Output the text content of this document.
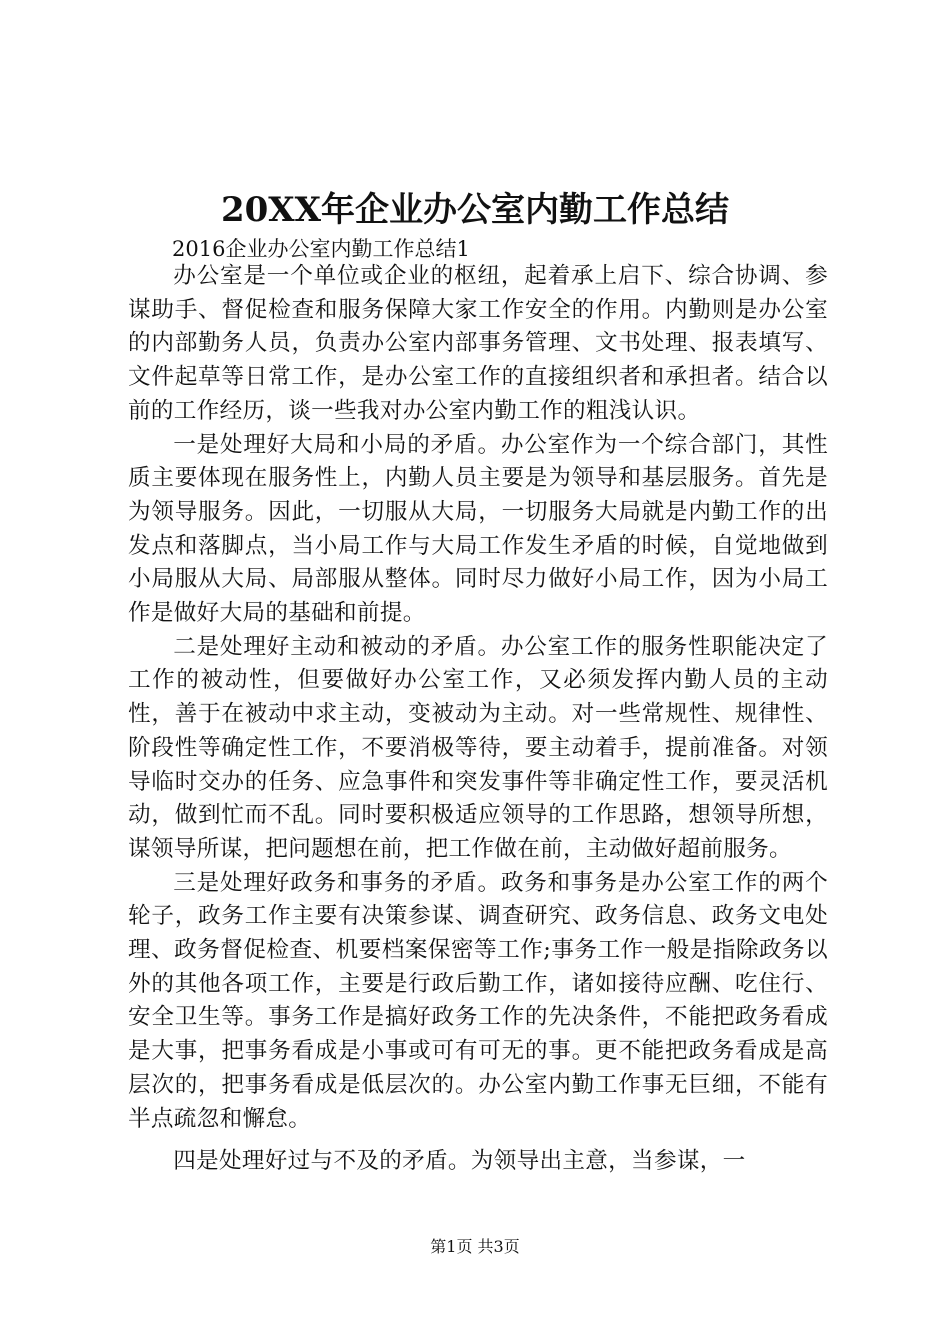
20XX年企业办公室内勤工作总结

2016企业办公室内勤工作总结1

办公室是一个单位或企业的枢纽，起着承上启下、综合协调、参谋助手、督促检查和服务保障大家工作安全的作用。内勤则是办公室的内部勤务人员，负责办公室内部事务管理、文书处理、报表填写、文件起草等日常工作，是办公室工作的直接组织者和承担者。结合以前的工作经历，谈一些我对办公室内勤工作的粗浅认识。

一是处理好大局和小局的矛盾。办公室作为一个综合部门，其性质主要体现在服务性上，内勤人员主要是为领导和基层服务。首先是为领导服务。因此，一切服从大局，一切服务大局就是内勤工作的出发点和落脚点，当小局工作与大局工作发生矛盾的时候，自觉地做到小局服从大局、局部服从整体。同时尽力做好小局工作，因为小局工作是做好大局的基础和前提。

二是处理好主动和被动的矛盾。办公室工作的服务性职能决定了工作的被动性，但要做好办公室工作，又必须发挥内勤人员的主动性，善于在被动中求主动，变被动为主动。对一些常规性、规律性、阶段性等确定性工作，不要消极等待，要主动着手，提前准备。对领导临时交办的任务、应急事件和突发事件等非确定性工作，要灵活机动，做到忙而不乱。同时要积极适应领导的工作思路，想领导所想，谋领导所谋，把问题想在前，把工作做在前，主动做好超前服务。

三是处理好政务和事务的矛盾。政务和事务是办公室工作的两个轮子，政务工作主要有决策参谋、调查研究、政务信息、政务文电处理、政务督促检查、机要档案保密等工作;事务工作一般是指除政务以外的其他各项工作，主要是行政后勤工作，诸如接待应酬、吃住行、安全卫生等。事务工作是搞好政务工作的先决条件，不能把政务看成是大事，把事务看成是小事或可有可无的事。更不能把政务看成是高层次的，把事务看成是低层次的。办公室内勤工作事无巨细，不能有半点疏忽和懈怠。

四是处理好过与不及的矛盾。为领导出主意，当参谋，一

第1页 共3页
